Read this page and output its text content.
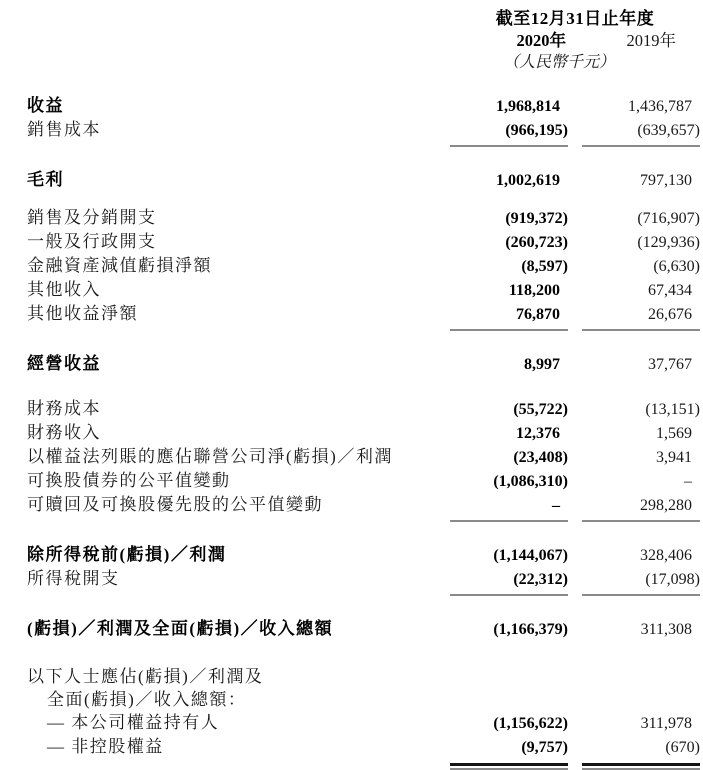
截至12月31日止年度
2020年	2019年
（人民幣千元）
收益	1,968,814	1,436,787
銷售成本	(966,195)	(639,657)
毛利	1,002,619	797,130
銷售及分銷開支	(919,372)	(716,907)
一般及行政開支	(260,723)	(129,936)
金融資產減值虧損淨額	(8,597)	(6,630)
其他收入	118,200	67,434
其他收益淨額	76,870	26,676
經營收益	8,997	37,767
財務成本	(55,722)	(13,151)
財務收入	12,376	1,569
以權益法列賬的應佔聯營公司淨(虧損)／利潤	(23,408)	3,941
可換股債券的公平值變動	(1,086,310)	–
可贖回及可換股優先股的公平值變動	–	298,280
除所得稅前(虧損)／利潤	(1,144,067)	328,406
所得稅開支	(22,312)	(17,098)
(虧損)／利潤及全面(虧損)／收入總額	(1,166,379)	311,308
以下人士應佔(虧損)／利潤及
全面(虧損)／收入總額：
— 本公司權益持有人	(1,156,622)	311,978
— 非控股權益	(9,757)	(670)
